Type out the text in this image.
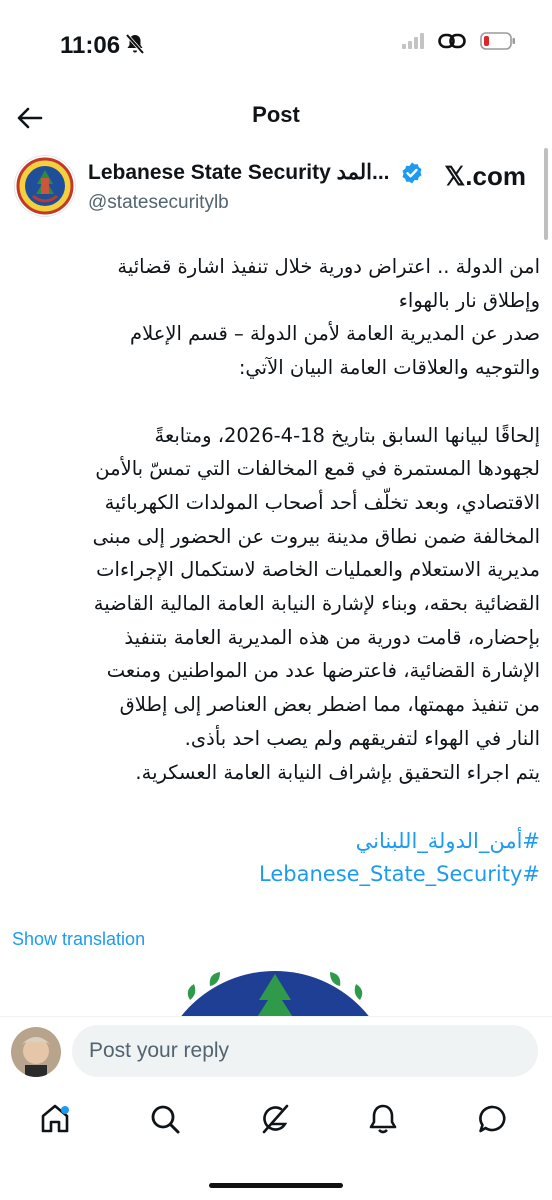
11:06
Post
Lebanese State Security المد...
@statesecuritylb
𝕏.com

امن الدولة .. اعتراض دورية خلال تنفيذ اشارة قضائية

وإطلاق نار بالهواء

صدر عن المديرية العامة لأمن الدولة – قسم الإعلام

والتوجيه والعلاقات العامة البيان الآتي:

إلحاقًا لبيانها السابق بتاريخ 18-4-2026، ومتابعةً

لجهودها المستمرة في قمع المخالفات التي تمسّ بالأمن

الاقتصادي، وبعد تخلّف أحد أصحاب المولدات الكهربائية

المخالفة ضمن نطاق مدينة بيروت عن الحضور إلى مبنى

مديرية الاستعلام والعمليات الخاصة لاستكمال الإجراءات

القضائية بحقه، وبناء لإشارة النيابة العامة المالية القاضية

بإحضاره، قامت دورية من هذه المديرية العامة بتنفيذ

الإشارة القضائية، فاعترضها عدد من المواطنين ومنعت

من تنفيذ مهمتها، مما اضطر بعض العناصر إلى إطلاق

النار في الهواء لتفريقهم ولم يصب احد بأذى.

يتم اجراء التحقيق بإشراف النيابة العامة العسكرية.

#أمن_الدولة_اللبناني
#Lebanese_State_Security
Show translation
Post your reply
